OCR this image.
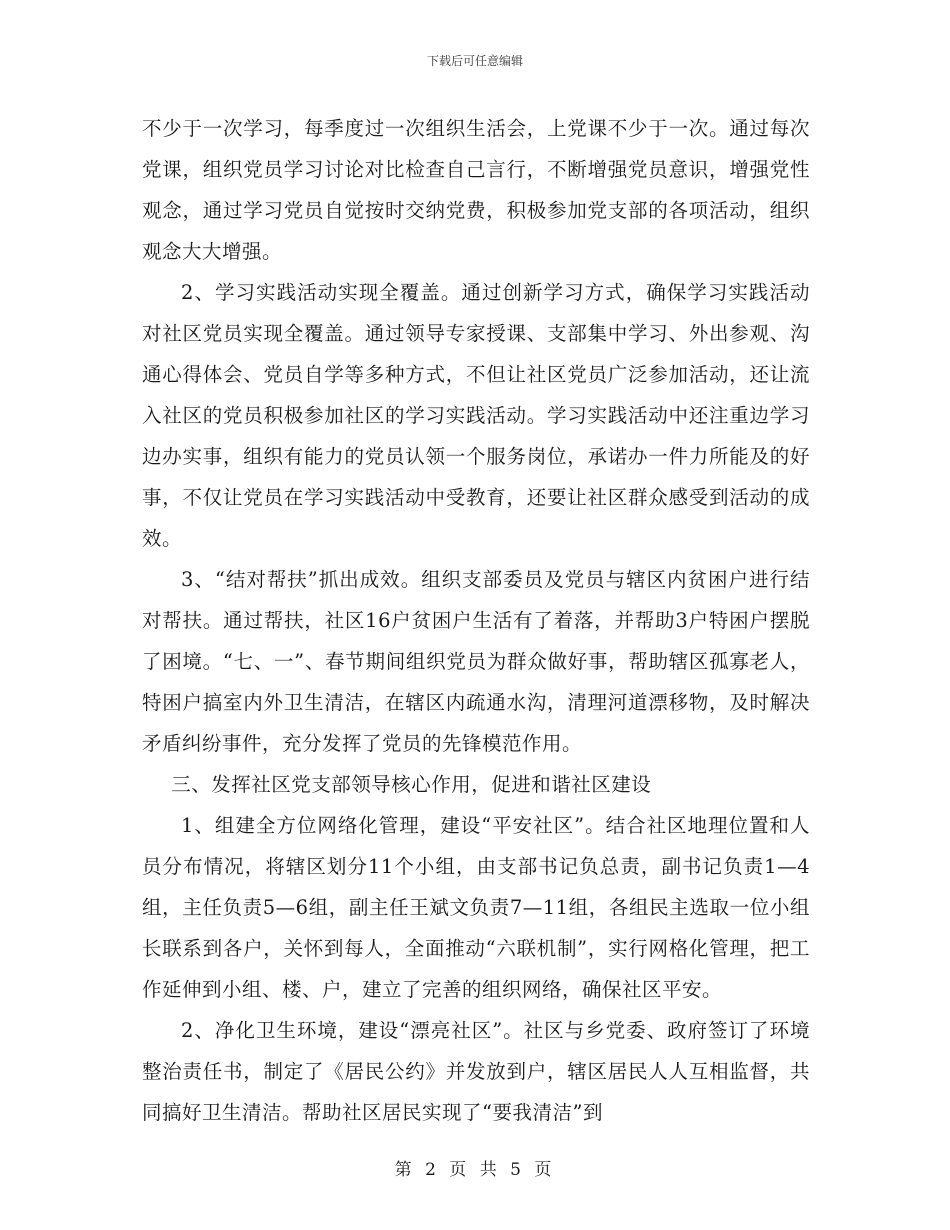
下载后可任意编辑

不少于一次学习，每季度过一次组织生活会，上党课不少于一次。通过每次党课，组织党员学习讨论对比检查自己言行，不断增强党员意识，增强党性观念，通过学习党员自觉按时交纳党费，积极参加党支部的各项活动，组织观念大大增强。

2、学习实践活动实现全覆盖。通过创新学习方式，确保学习实践活动对社区党员实现全覆盖。通过领导专家授课、支部集中学习、外出参观、沟通心得体会、党员自学等多种方式，不但让社区党员广泛参加活动，还让流入社区的党员积极参加社区的学习实践活动。学习实践活动中还注重边学习边办实事，组织有能力的党员认领一个服务岗位，承诺办一件力所能及的好事，不仅让党员在学习实践活动中受教育，还要让社区群众感受到活动的成效。

3、“结对帮扶”抓出成效。组织支部委员及党员与辖区内贫困户进行结对帮扶。通过帮扶，社区16户贫困户生活有了着落，并帮助3户特困户摆脱了困境。“七、一”、春节期间组织党员为群众做好事，帮助辖区孤寡老人，特困户搞室内外卫生清洁，在辖区内疏通水沟，清理河道漂移物，及时解决矛盾纠纷事件，充分发挥了党员的先锋模范作用。

三、发挥社区党支部领导核心作用，促进和谐社区建设

1、组建全方位网络化管理，建设“平安社区”。结合社区地理位置和人员分布情况，将辖区划分11个小组，由支部书记负总责，副书记负责1—4组，主任负责5—6组，副主任王斌文负责7—11组，各组民主选取一位小组长联系到各户，关怀到每人，全面推动“六联机制”，实行网格化管理，把工作延伸到小组、楼、户，建立了完善的组织网络，确保社区平安。

2、净化卫生环境，建设“漂亮社区”。社区与乡党委、政府签订了环境整治责任书，制定了《居民公约》并发放到户，辖区居民人人互相监督，共同搞好卫生清洁。帮助社区居民实现了“要我清洁”到

第 2 页 共 5 页
